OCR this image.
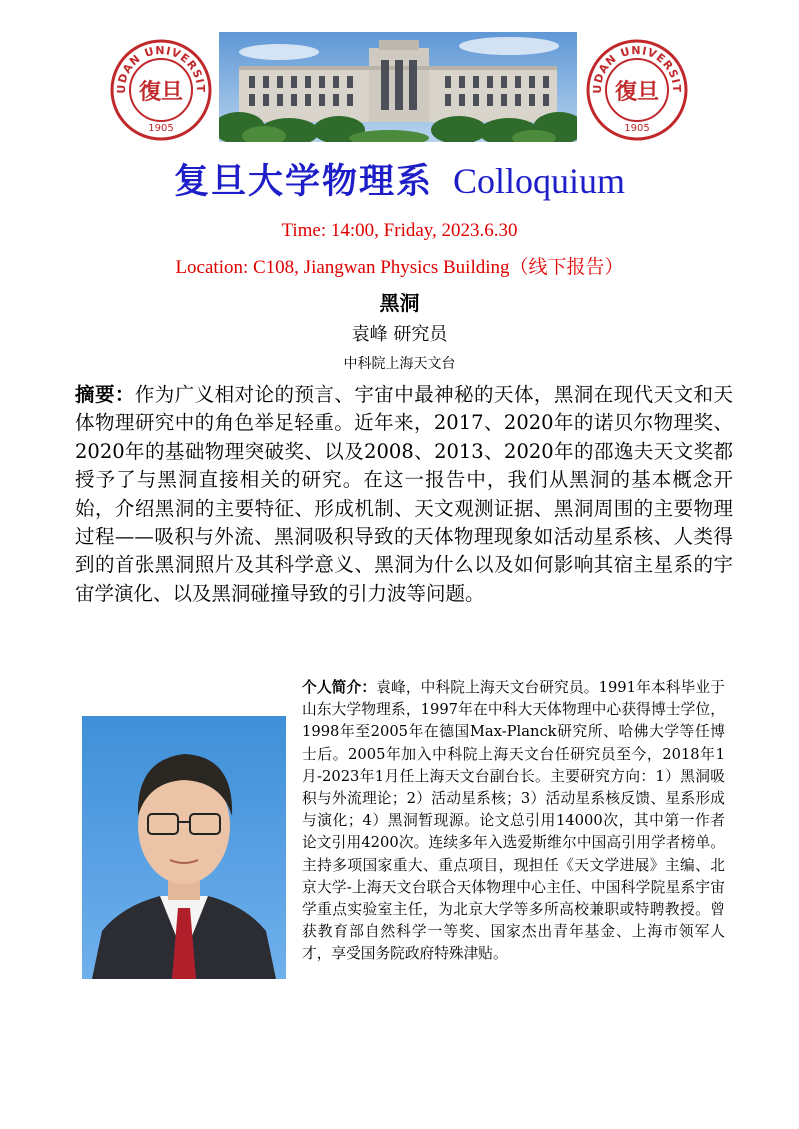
UDAN UNIVERSIT
1905
復旦	UDAN UNIVERSIT
1905
復旦
复旦大学物理系 Colloquium
Time: 14:00, Friday, 2023.6.30
Location: C108, Jiangwan Physics Building（线下报告）
黑洞
袁峰 研究员
中科院上海天文台
摘要：作为广义相对论的预言、宇宙中最神秘的天体，黑洞在现代天文和天体物理研究中的角色举足轻重。近年来，2017、2020年的诺贝尔物理奖、2020年的基础物理突破奖、以及2008、2013、2020年的邵逸夫天文奖都授予了与黑洞直接相关的研究。在这一报告中，我们从黑洞的基本概念开始，介绍黑洞的主要特征、形成机制、天文观测证据、黑洞周围的主要物理过程——吸积与外流、黑洞吸积导致的天体物理现象如活动星系核、人类得到的首张黑洞照片及其科学意义、黑洞为什么以及如何影响其宿主星系的宇宙学演化、以及黑洞碰撞导致的引力波等问题。
个人简介：袁峰，中科院上海天文台研究员。1991年本科毕业于山东大学物理系，1997年在中科大天体物理中心获得博士学位，1998年至2005年在德国Max-Planck研究所、哈佛大学等任博士后。2005年加入中科院上海天文台任研究员至今，2018年1月-2023年1月任上海天文台副台长。主要研究方向：1）黑洞吸积与外流理论；2）活动星系核；3）活动星系核反馈、星系形成与演化；4）黑洞暂现源。论文总引用14000次，其中第一作者论文引用4200次。连续多年入选爱斯维尔中国高引用学者榜单。主持多项国家重大、重点项目，现担任《天文学进展》主编、北京大学-上海天文台联合天体物理中心主任、中国科学院星系宇宙学重点实验室主任，为北京大学等多所高校兼职或特聘教授。曾获教育部自然科学一等奖、国家杰出青年基金、上海市领军人才，享受国务院政府特殊津贴。
